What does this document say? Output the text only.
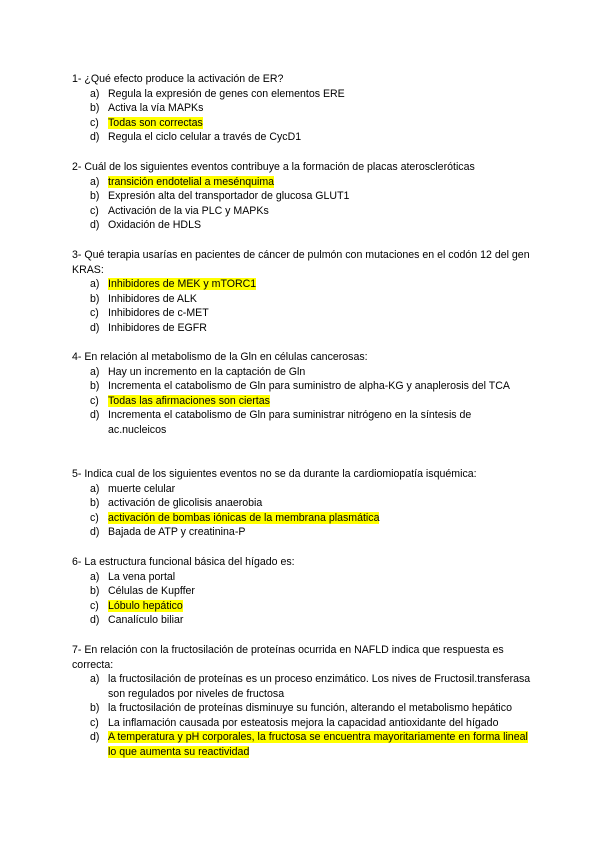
1- ¿Qué efecto produce la activación de ER?

a) Regula la expresión de genes con elementos ERE
b) Activa la vía MAPKs
c) Todas son correctas
d) Regula el ciclo celular a través de CycD1

2- Cuál de los siguientes eventos contribuye a la formación de placas ateroscleróticas

a) transición endotelial a mesénquima
b) Expresión alta del transportador de glucosa GLUT1
c) Activación de la via PLC y MAPKs
d) Oxidación de HDLS

3- Qué terapia usarías en pacientes de cáncer de pulmón con mutaciones en el codón 12 del gen KRAS:

a) Inhibidores de MEK y mTORC1
b) Inhibidores de ALK
c) Inhibidores de c-MET
d) Inhibidores de EGFR

4- En relación al metabolismo de la Gln en células cancerosas:

a) Hay un incremento en la captación de Gln
b) Incrementa el catabolismo de Gln para suministro de alpha-KG y anaplerosis del TCA
c) Todas las afirmaciones son ciertas
d) Incrementa el catabolismo de Gln para suministrar nitrógeno en la síntesis de ac.nucleicos

5- Indica cual de los siguientes eventos no se da durante la cardiomiopatía isquémica:

a) muerte celular
b) activación de glicolisis anaerobia
c) activación de bombas iónicas de la membrana plasmática
d) Bajada de ATP y creatinina-P

6- La estructura funcional básica del hígado es:

a) La vena portal
b) Células de Kupffer
c) Lóbulo hepático
d) Canalículo biliar

7- En relación con la fructosilación de proteínas ocurrida en NAFLD indica que respuesta es correcta:

a) la fructosilación de proteínas es un proceso enzimático. Los nives de Fructosil.transferasa son regulados por niveles de fructosa
b) la fructosilación de proteínas disminuye su función, alterando el metabolismo hepático
c) La inflamación causada por esteatosis mejora la capacidad antioxidante del hígado
d) A temperatura y pH corporales, la fructosa se encuentra mayoritariamente en forma lineal lo que aumenta su reactividad
